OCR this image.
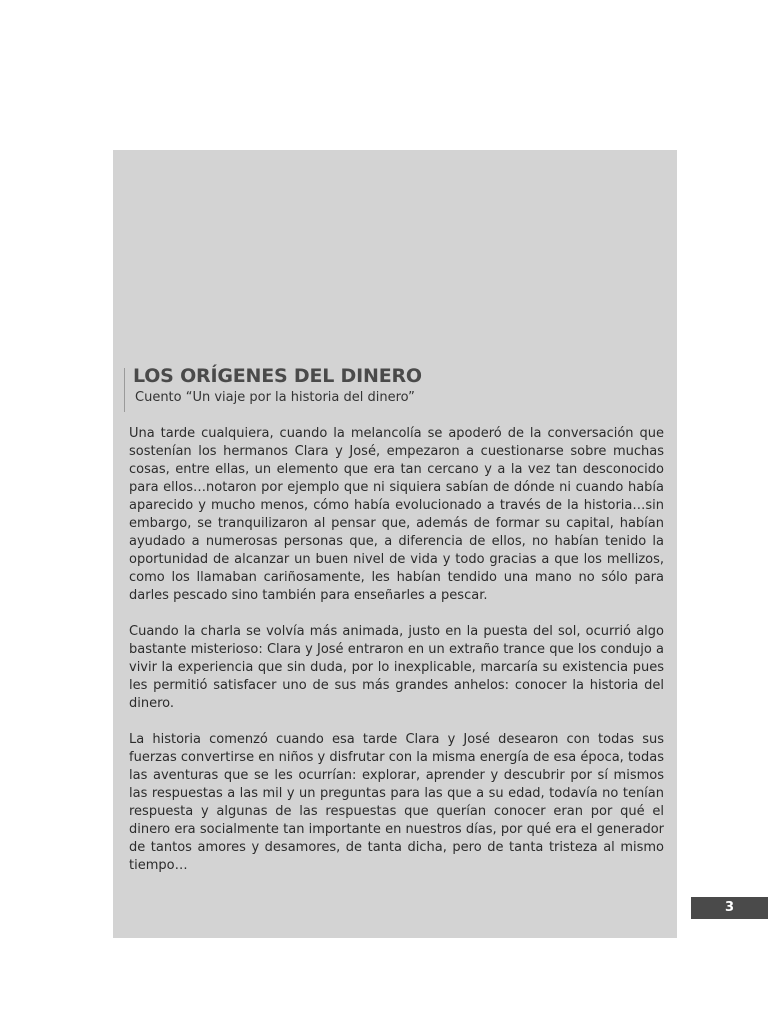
LOS ORÍGENES DEL DINERO

Cuento “Un viaje por la historia del dinero”

Una tarde cualquiera, cuando la melancolía se apoderó de la conversación que sostenían los hermanos Clara y José, empezaron a cuestionarse sobre muchas cosas, entre ellas, un elemento que era tan cercano y a la vez tan desconocido para ellos…notaron por ejemplo que ni siquiera sabían de dónde ni cuando había aparecido y mucho menos, cómo había evolucionado a través de la historia…sin embargo, se tranquilizaron al pensar que, además de formar su capital, habían ayudado a numerosas personas que, a diferencia de ellos, no habían tenido la oportunidad de alcanzar un buen nivel de vida y todo gracias a que los mellizos, como los llamaban cariñosamente, les habían tendido una mano no sólo para darles pescado sino también para enseñarles a pescar.

Cuando la charla se volvía más animada, justo en la puesta del sol, ocurrió algo bastante misterioso: Clara y José entraron en un extraño trance que los condujo a vivir la experiencia que sin duda, por lo inexplicable, marcaría su existencia pues les permitió satisfacer uno de sus más grandes anhelos: conocer la historia del dinero.

La historia comenzó cuando esa tarde Clara y José desearon con todas sus fuerzas convertirse en niños y disfrutar con la misma energía de esa época, todas las aventuras que se les ocurrían: explorar, aprender y descubrir por sí mismos las respuestas a las mil y un preguntas para las que a su edad, todavía no tenían respuesta y algunas de las respuestas que querían conocer eran por qué el dinero era socialmente tan importante en nuestros días, por qué era el generador de tantos amores y desamores, de tanta dicha, pero de tanta tristeza al mismo tiempo…

3
